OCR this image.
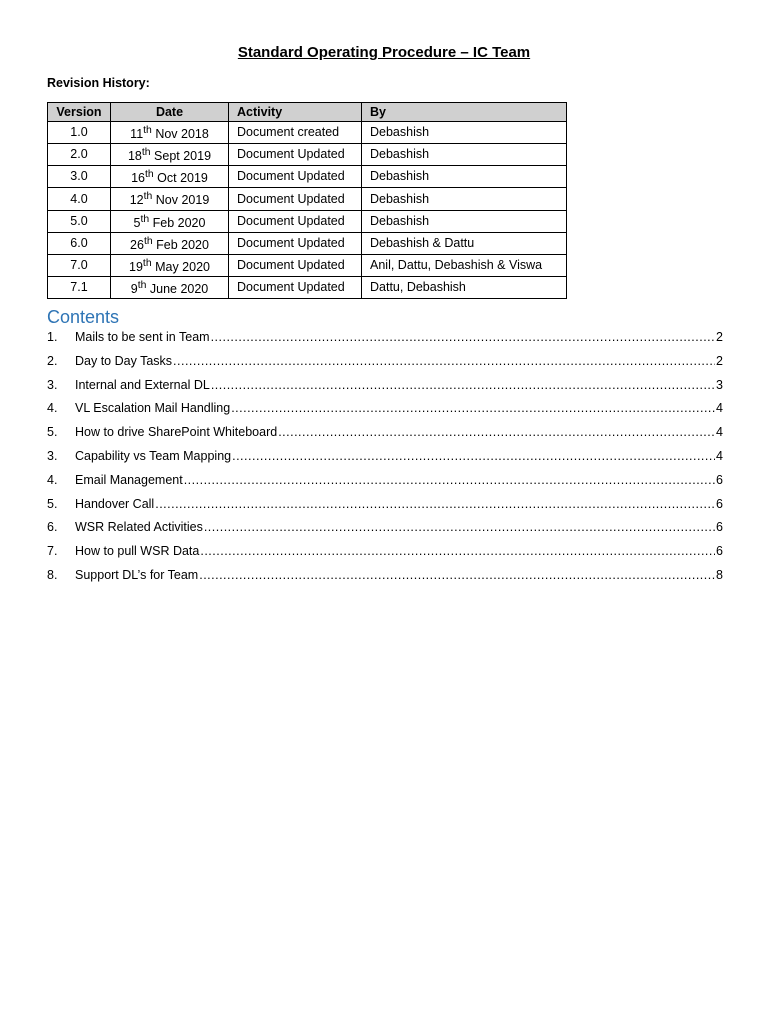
Standard Operating Procedure – IC Team
Revision History:
Version	Date	Activity	By
1.0	11th Nov 2018	Document created	Debashish
2.0	18th Sept 2019	Document Updated	Debashish
3.0	16th Oct 2019	Document Updated	Debashish
4.0	12th Nov 2019	Document Updated	Debashish
5.0	5th Feb 2020	Document Updated	Debashish
6.0	26th Feb 2020	Document Updated	Debashish & Dattu
7.0	19th May 2020	Document Updated	Anil, Dattu, Debashish & Viswa
7.1	9th June 2020	Document Updated	Dattu, Debashish
Contents
1.	Mails to be sent in Team .....	2
2.	Day to Day Tasks .....	2
3.	Internal and External DL .....	3
4.	VL Escalation Mail Handling .....	4
5.	How to drive SharePoint Whiteboard .....	4
3.	Capability vs Team Mapping .....	4
4.	Email Management .....	6
5.	Handover Call .....	6
6.	WSR Related Activities .....	6
7.	How to pull WSR Data .....	6
8.	Support DL’s for Team .....	8
